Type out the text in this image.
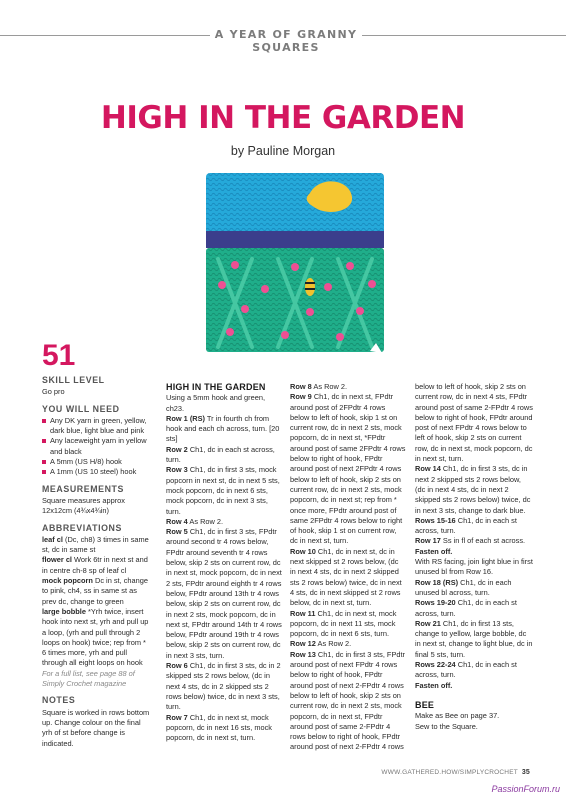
A YEAR OF GRANNY SQUARES
HIGH IN THE GARDEN
by Pauline Morgan
51
SKILL LEVEL

Go pro

YOU WILL NEED

Any DK yarn in green, yellow, dark blue, light blue and pink

Any laceweight yarn in yellow and black

A 5mm (US H/8) hook

A 1mm (US 10 steel) hook

MEASUREMENTS

Square measures approx 12x12cm (4¾x4¾in)

ABBREVIATIONS

leaf cl (Dc, ch8) 3 times in same st, dc in same st

flower cl Work 6tr in next st and in centre ch-8 sp of leaf cl

mock popcorn Dc in st, change to pink, ch4, ss in same st as prev dc, change to green

large bobble *Yrh twice, insert hook into next st, yrh and pull up a loop, (yrh and pull through 2 loops on hook) twice; rep from * 6 times more, yrh and pull through all eight loops on hook

For a full list, see page 88 of Simply Crochet magazine

NOTES

Square is worked in rows bottom up. Change colour on the final yrh of st before change is indicated.

HIGH IN THE GARDEN

Using a 5mm hook and green, ch23.

Row 1 (RS) Tr in fourth ch from hook and each ch across, turn. [20 sts]

Row 2 Ch1, dc in each st across, turn.

Row 3 Ch1, dc in first 3 sts, mock popcorn in next st, dc in next 5 sts, mock popcorn, dc in next 6 sts, mock popcorn, dc in next 3 sts, turn.

Row 4 As Row 2.

Row 5 Ch1, dc in first 3 sts, FPdtr around second tr 4 rows below, FPdtr around seventh tr 4 rows below, skip 2 sts on current row, dc in next st, mock popcorn, dc in next 2 sts, FPdtr around eighth tr 4 rows below, FPdtr around 13th tr 4 rows below, skip 2 sts on current row, dc in next 2 sts, mock popcorn, dc in next st, FPdtr around 14th tr 4 rows below, FPdtr around 19th tr 4 rows below, skip 2 sts on current row, dc in next 3 sts, turn.

Row 6 Ch1, dc in first 3 sts, dc in 2 skipped sts 2 rows below, (dc in next 4 sts, dc in 2 skipped sts 2 rows below) twice, dc in next 3 sts, turn.

Row 7 Ch1, dc in next st, mock popcorn, dc in next 16 sts, mock popcorn, dc in next st, turn.

Row 8 As Row 2.

Row 9 Ch1, dc in next st, FPdtr around post of 2FPdtr 4 rows below to left of hook, skip 1 st on current row, dc in next 2 sts, mock popcorn, dc in next st, *FPdtr around post of same 2FPdtr 4 rows below to right of hook, FPdtr around post of next 2FPdtr 4 rows below to left of hook, skip 2 sts on current row, dc in next 2 sts, mock popcorn, dc in next st; rep from * once more, FPdtr around post of same 2FPdtr 4 rows below to right of hook, skip 1 st on current row, dc in next st, turn.

Row 10 Ch1, dc in next st, dc in next skipped st 2 rows below, (dc in next 4 sts, dc in next 2 skipped sts 2 rows below) twice, dc in next 4 sts, dc in next skipped st 2 rows below, dc in next st, turn.

Row 11 Ch1, dc in next st, mock popcorn, dc in next 11 sts, mock popcorn, dc in next 6 sts, turn.

Row 12 As Row 2.

Row 13 Ch1, dc in first 3 sts, FPdtr around post of next FPdtr 4 rows below to right of hook, FPdtr around post of next 2-FPdtr 4 rows below to left of hook, skip 2 sts on current row, dc in next 2 sts, mock popcorn, dc in next st, FPdtr around post of same 2-FPdtr 4 rows below to right of hook, FPdtr around post of next 2-FPdtr 4 rows

below to left of hook, skip 2 sts on current row, dc in next 4 sts, FPdtr around post of same 2-FPdtr 4 rows below to right of hook, FPdtr around post of next FPdtr 4 rows below to left of hook, skip 2 sts on current row, dc in next st, mock popcorn, dc in next st, turn.

Row 14 Ch1, dc in first 3 sts, dc in next 2 skipped sts 2 rows below, (dc in next 4 sts, dc in next 2 skipped sts 2 rows below) twice, dc in next 3 sts, change to dark blue.

Rows 15-16 Ch1, dc in each st across, turn.

Row 17 Ss in fl of each st across.

Fasten off.

With RS facing, join light blue in first unused bl from Row 16.

Row 18 (RS) Ch1, dc in each unused bl across, turn.

Rows 19-20 Ch1, dc in each st across, turn.

Row 21 Ch1, dc in first 13 sts, change to yellow, large bobble, dc in next st, change to light blue, dc in final 5 sts, turn.

Rows 22-24 Ch1, dc in each st across, turn.

Fasten off.

BEE

Make as Bee on page 37.

Sew to the Square.

WWW.GATHERED.HOW/SIMPLYCROCHET 35
PassionForum.ru
